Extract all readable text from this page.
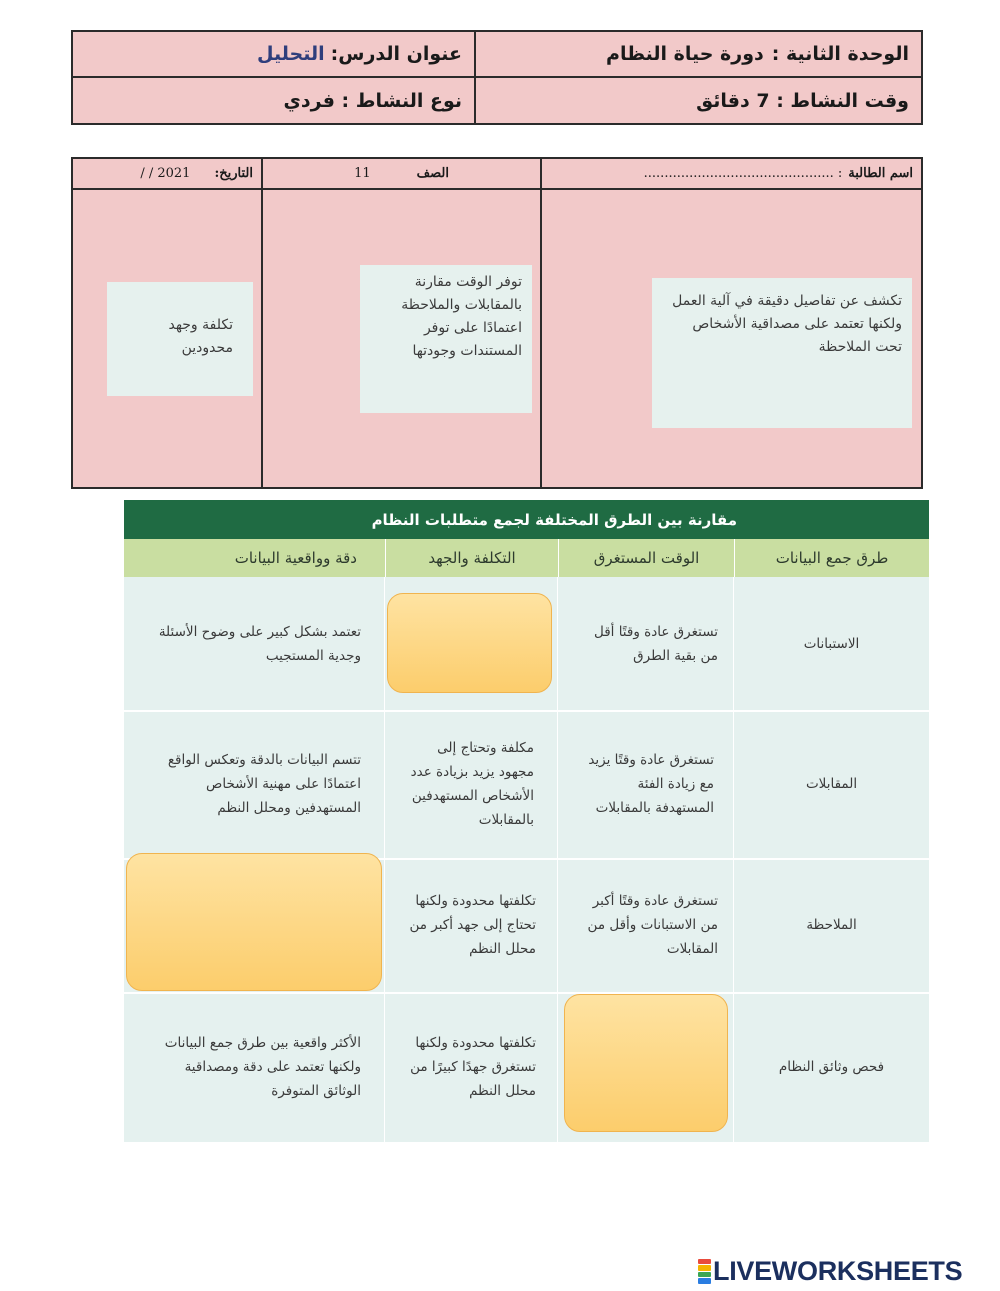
الوحدة الثانية :
دورة حياة النظام
عنوان الدرس:
التحليل
وقت النشاط : 7 دقائق
نوع النشاط : فردي
اسم الطالبة
: ..............................................
الصف
11
التاريخ:
/ / 2021
تكشف عن تفاصيل دقيقة في آلية العمل ولكنها تعتمد على مصداقية الأشخاص تحت الملاحظة
توفر الوقت مقارنة بالمقابلات والملاحظة اعتمادًا على توفر المستندات وجودتها
تكلفة وجهد محدودين
مقارنة بين الطرق المختلفة لجمع متطلبات النظام
طرق جمع البيانات
الوقت المستغرق
التكلفة والجهد
دقة وواقعية البيانات
الاستبانات
تستغرق عادة وقتًا أقل من بقية الطرق
تعتمد بشكل كبير على وضوح الأسئلة وجدية المستجيب
المقابلات
تستغرق عادة وقتًا يزيد مع زيادة الفئة المستهدفة بالمقابلات
مكلفة وتحتاج إلى مجهود يزيد بزيادة عدد الأشخاص المستهدفين بالمقابلات
تتسم البيانات بالدقة وتعكس الواقع اعتمادًا على مهنية الأشخاص المستهدفين ومحلل النظم
الملاحظة
تستغرق عادة وقتًا أكبر من الاستبانات وأقل من المقابلات
تكلفتها محدودة ولكنها تحتاج إلى جهد أكبر من محلل النظم
فحص وثائق النظام
تكلفتها محدودة ولكنها تستغرق جهدًا كبيرًا من محلل النظم
الأكثر واقعية بين طرق جمع البيانات ولكنها تعتمد على دقة ومصداقية الوثائق المتوفرة
LIVEWORKSHEETS
